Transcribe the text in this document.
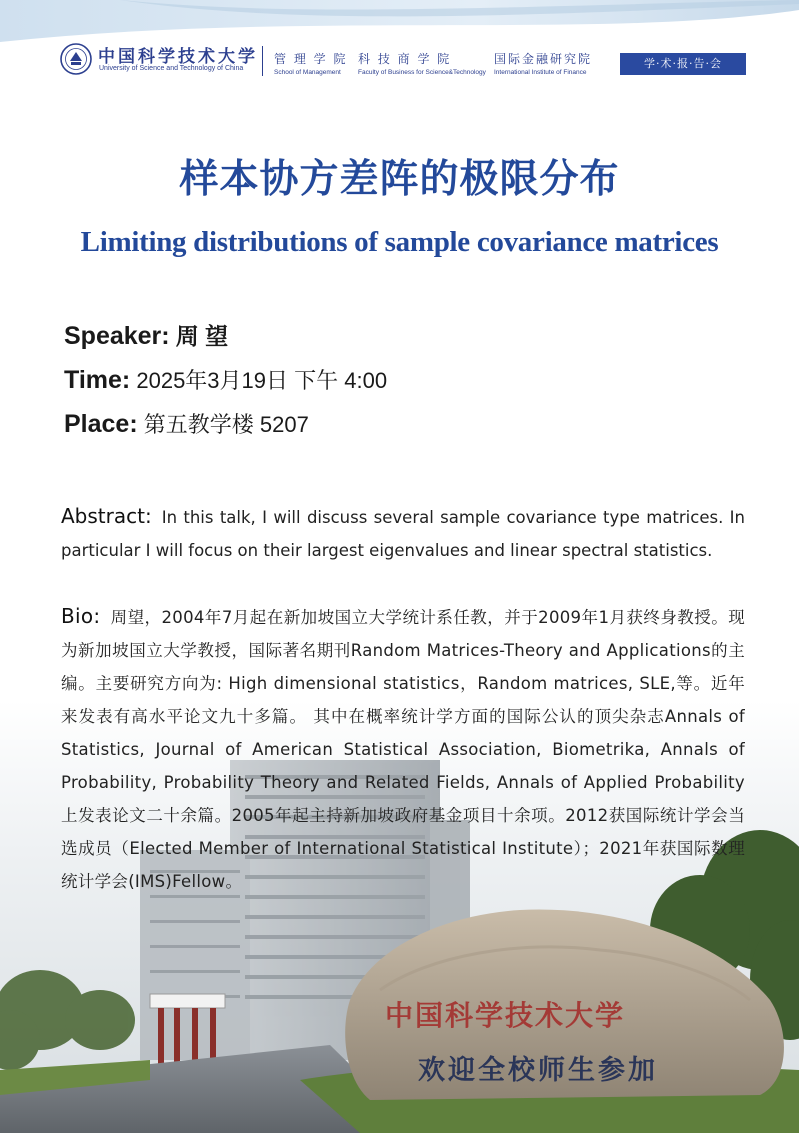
中国科学技术大学
University of Science and Technology of China
管 理 学 院
School of Management
科 技 商 学 院
Faculty of Business for Science&Technology
国际金融研究院
International Institute of Finance
学·术·报·告·会
样本协方差阵的极限分布
Limiting distributions of sample covariance matrices
Speaker: 周 望
Time: 2025年3月19日 下午 4:00
Place: 第五教学楼 5207
中国科学技术大学
Abstract: In this talk, I will discuss several sample covariance type matrices. In particular I will focus on their largest eigenvalues and linear spectral statistics.
Bio: 周望，2004年7月起在新加坡国立大学统计系任教，并于2009年1月获终身教授。现为新加坡国立大学教授，国际著名期刊Random Matrices-Theory and Applications的主编。主要研究方向为: High dimensional statistics，Random matrices, SLE,等。近年来发表有高水平论文九十多篇。 其中在概率统计学方面的国际公认的顶尖杂志Annals of Statistics, Journal of American Statistical Association, Biometrika, Annals of Probability, Probability Theory and Related Fields, Annals of Applied Probability上发表论文二十余篇。2005年起主持新加坡政府基金项目十余项。2012获国际统计学会当选成员（Elected Member of International Statistical Institute）；2021年获国际数理统计学会(IMS)Fellow。
欢迎全校师生参加
